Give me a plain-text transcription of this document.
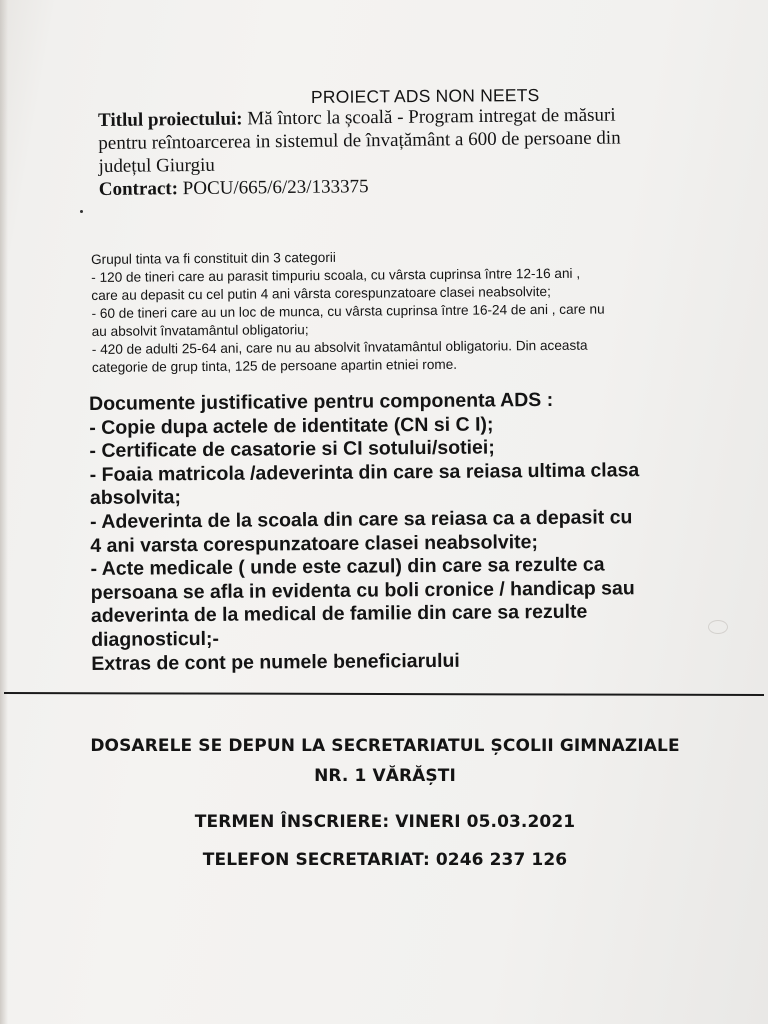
PROIECT ADS NON NEETS
Titlul proiectului: Mă întorc la școală - Program intregat de măsuri
pentru reîntoarcerea in sistemul de învațământ a 600 de persoane din
județul Giurgiu
Contract: POCU/665/6/23/133375
Grupul tinta va fi constituit din 3 categorii
- 120 de tineri care au parasit timpuriu scoala, cu vârsta cuprinsa între 12-16 ani ,
care au depasit cu cel putin 4 ani vârsta corespunzatoare clasei neabsolvite;
- 60 de tineri care au un loc de munca, cu vârsta cuprinsa între 16-24 de ani , care nu
au absolvit învatamântul obligatoriu;
- 420 de adulti 25-64 ani, care nu au absolvit învatamântul obligatoriu. Din aceasta
categorie de grup tinta, 125 de persoane apartin etniei rome.
Documente justificative pentru componenta ADS :
- Copie dupa actele de identitate (CN si C I);
- Certificate de casatorie si CI sotului/sotiei;
- Foaia matricola /adeverinta din care sa reiasa ultima clasa
absolvita;
- Adeverinta de la scoala din care sa reiasa ca a depasit cu
4 ani varsta corespunzatoare clasei neabsolvite;
- Acte medicale ( unde este cazul) din care sa rezulte ca
persoana se afla in evidenta cu boli cronice / handicap sau
adeverinta de la medical de familie din care sa rezulte
diagnosticul;-
Extras de cont pe numele beneficiarului
DOSARELE SE DEPUN LA SECRETARIATUL ȘCOLII GIMNAZIALE
NR. 1 VĂRĂȘTI
TERMEN ÎNSCRIERE: VINERI 05.03.2021
TELEFON SECRETARIAT: 0246 237 126
